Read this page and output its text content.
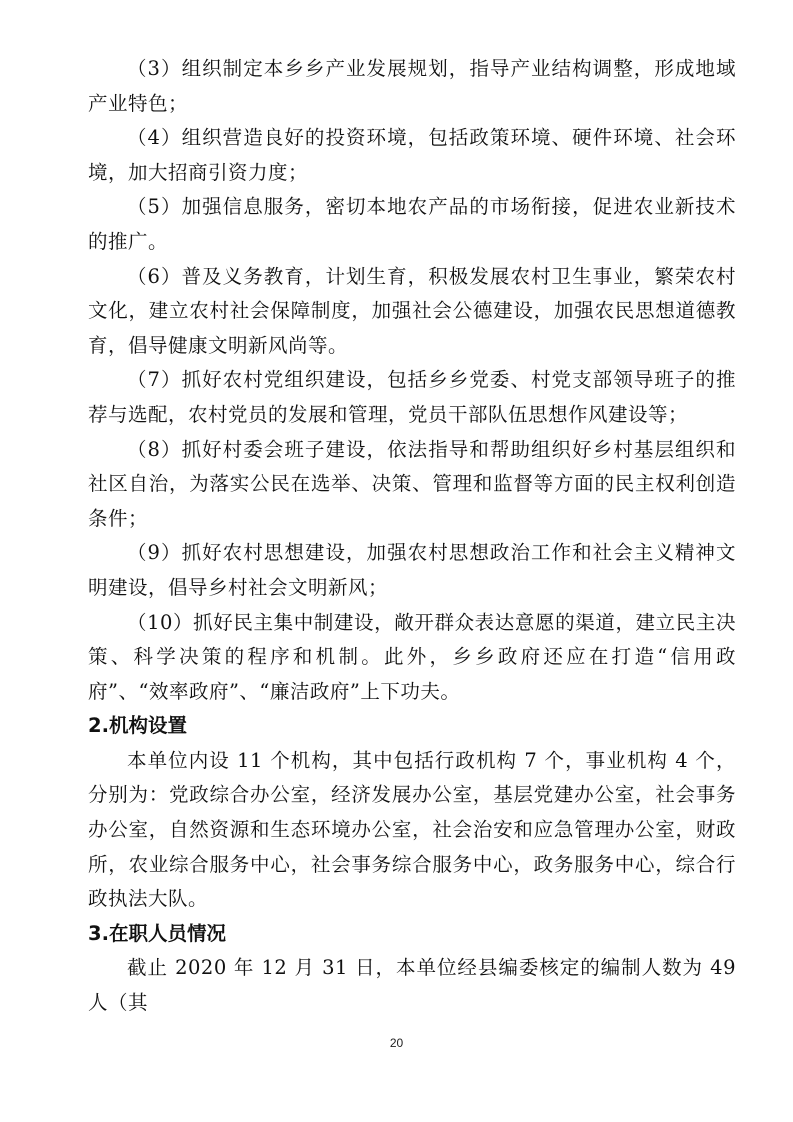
（3）组织制定本乡乡产业发展规划，指导产业结构调整，形成地域产业特色；

（4）组织营造良好的投资环境，包括政策环境、硬件环境、社会环境，加大招商引资力度；

（5）加强信息服务，密切本地农产品的市场衔接，促进农业新技术的推广。

（6）普及义务教育，计划生育，积极发展农村卫生事业，繁荣农村文化，建立农村社会保障制度，加强社会公德建设，加强农民思想道德教育，倡导健康文明新风尚等。

（7）抓好农村党组织建设，包括乡乡党委、村党支部领导班子的推荐与选配，农村党员的发展和管理，党员干部队伍思想作风建设等；

（8）抓好村委会班子建设，依法指导和帮助组织好乡村基层组织和社区自治，为落实公民在选举、决策、管理和监督等方面的民主权利创造条件；

（9）抓好农村思想建设，加强农村思想政治工作和社会主义精神文明建设，倡导乡村社会文明新风；

（10）抓好民主集中制建设，敞开群众表达意愿的渠道，建立民主决策、科学决策的程序和机制。此外，乡乡政府还应在打造“信用政府”、“效率政府”、“廉洁政府”上下功夫。

2.机构设置

本单位内设 11 个机构，其中包括行政机构 7 个，事业机构 4 个，分别为：党政综合办公室，经济发展办公室，基层党建办公室，社会事务办公室，自然资源和生态环境办公室，社会治安和应急管理办公室，财政所，农业综合服务中心，社会事务综合服务中心，政务服务中心，综合行政执法大队。

3.在职人员情况

截止 2020 年 12 月 31 日，本单位经县编委核定的编制人数为 49 人（其

20
